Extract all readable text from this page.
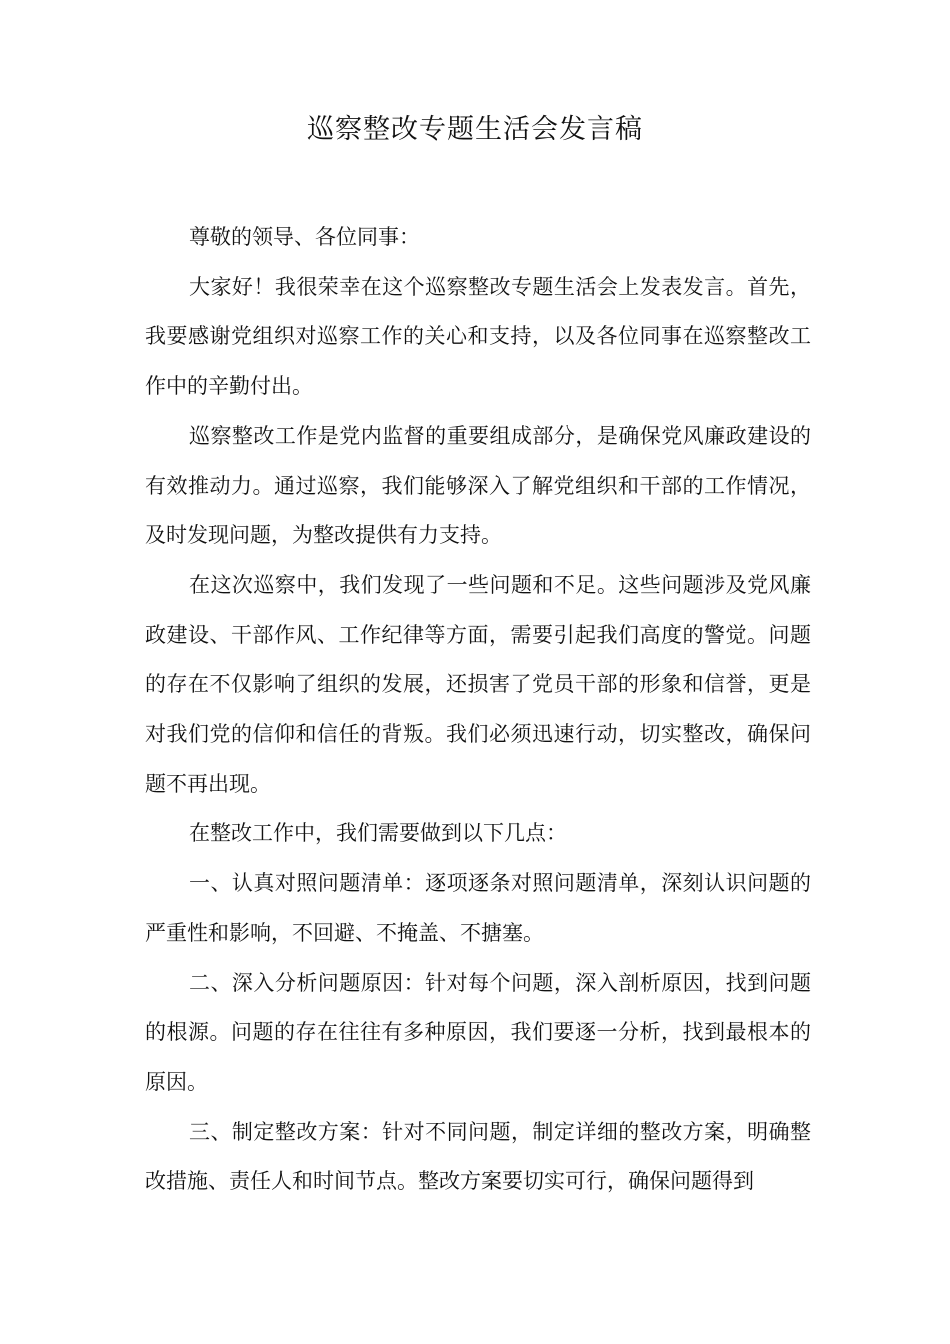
巡察整改专题生活会发言稿

尊敬的领导、各位同事：

大家好！我很荣幸在这个巡察整改专题生活会上发表发言。首先，我要感谢党组织对巡察工作的关心和支持，以及各位同事在巡察整改工作中的辛勤付出。

巡察整改工作是党内监督的重要组成部分，是确保党风廉政建设的有效推动力。通过巡察，我们能够深入了解党组织和干部的工作情况，及时发现问题，为整改提供有力支持。

在这次巡察中，我们发现了一些问题和不足。这些问题涉及党风廉政建设、干部作风、工作纪律等方面，需要引起我们高度的警觉。问题的存在不仅影响了组织的发展，还损害了党员干部的形象和信誉，更是对我们党的信仰和信任的背叛。我们必须迅速行动，切实整改，确保问题不再出现。

在整改工作中，我们需要做到以下几点：

一、认真对照问题清单：逐项逐条对照问题清单，深刻认识问题的严重性和影响，不回避、不掩盖、不搪塞。

二、深入分析问题原因：针对每个问题，深入剖析原因，找到问题的根源。问题的存在往往有多种原因，我们要逐一分析，找到最根本的原因。

三、制定整改方案：针对不同问题，制定详细的整改方案，明确整改措施、责任人和时间节点。整改方案要切实可行，确保问题得到
